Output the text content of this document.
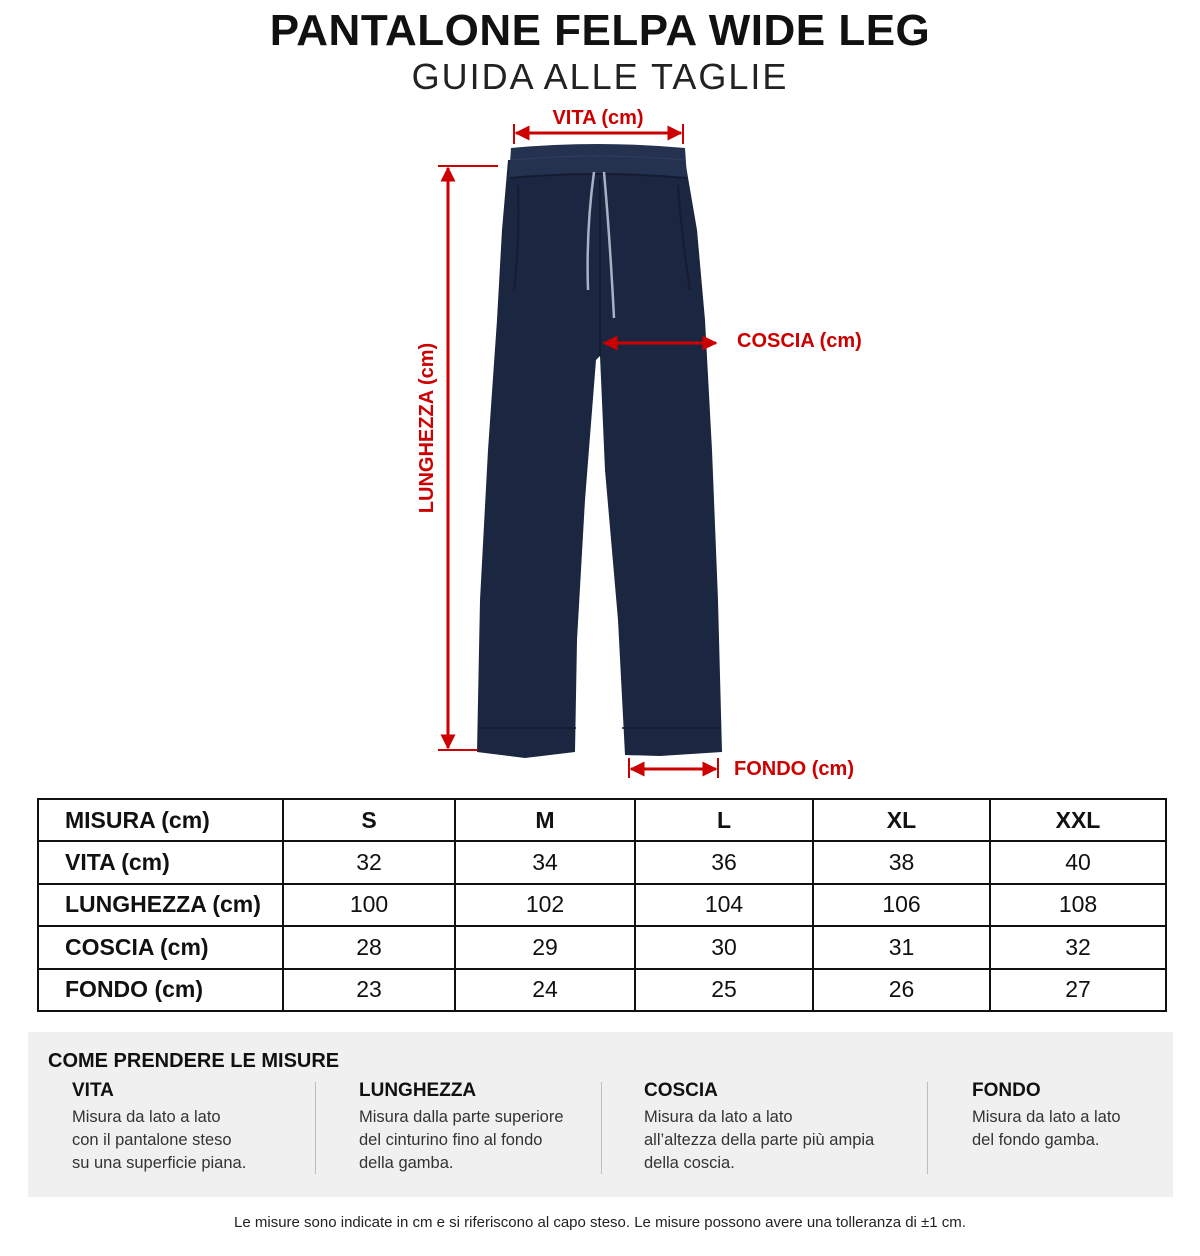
PANTALONE FELPA WIDE LEG
GUIDA ALLE TAGLIE
VITA (cm)
LUNGHEZZA (cm)
COSCIA (cm)
FONDO (cm)
MISURA (cm)	S	M	L	XL	XXL
VITA (cm)	32	34	36	38	40
LUNGHEZZA (cm)	100	102	104	106	108
COSCIA (cm)	28	29	30	31	32
FONDO (cm)	23	24	25	26	27
COME PRENDERE LE MISURE
VITA
Misura da lato a lato
con il pantalone steso
su una superficie piana.
LUNGHEZZA
Misura dalla parte superiore
del cinturino fino al fondo
della gamba.
COSCIA
Misura da lato a lato
all’altezza della parte più ampia
della coscia.
FONDO
Misura da lato a lato
del fondo gamba.
Le misure sono indicate in cm e si riferiscono al capo steso. Le misure possono avere una tolleranza di ±1 cm.
